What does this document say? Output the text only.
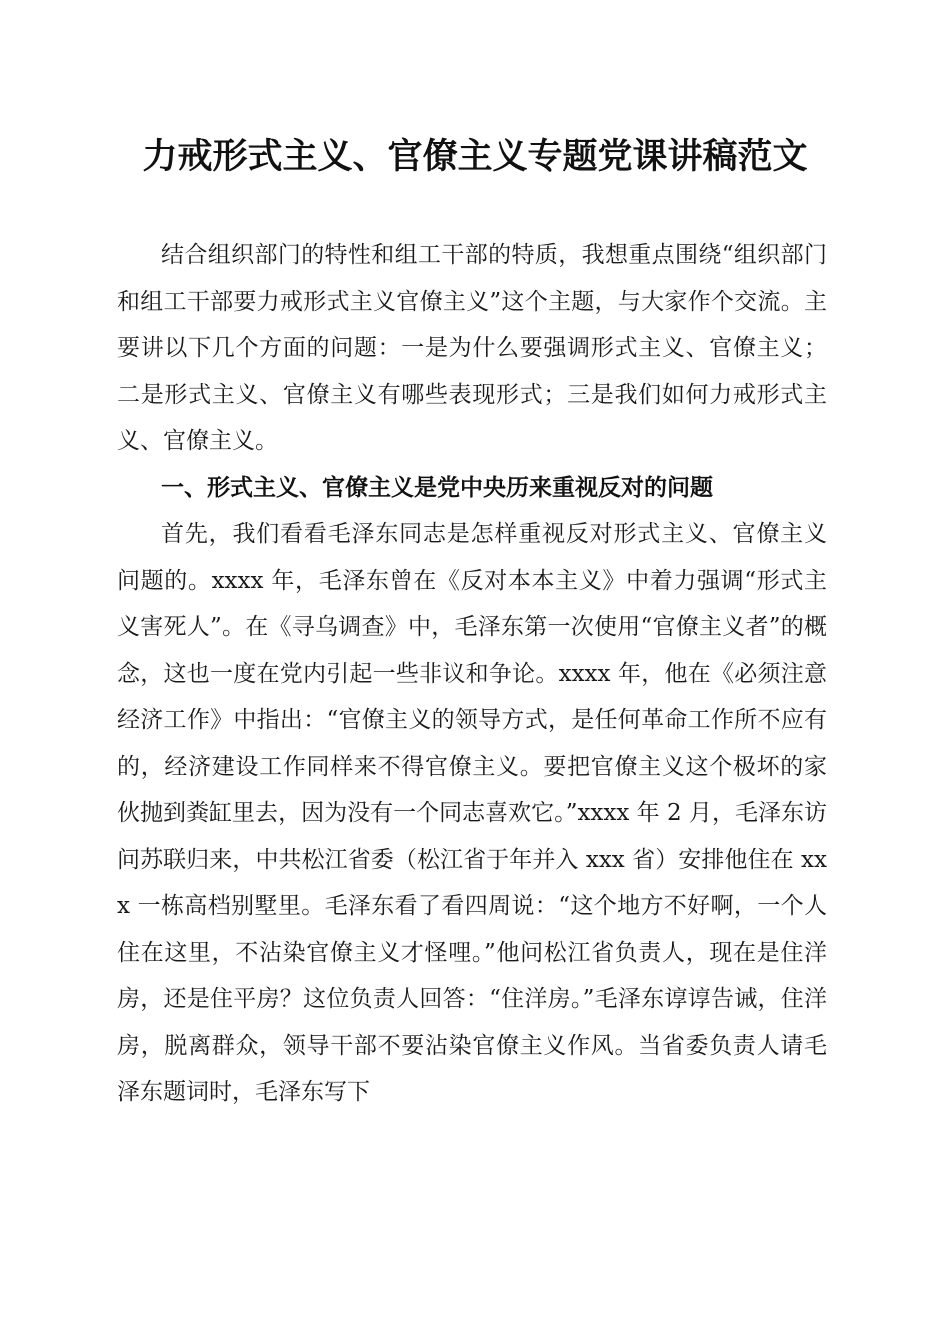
力戒形式主义、官僚主义专题党课讲稿范文

结合组织部门的特性和组工干部的特质，我想重点围绕“组织部门和组工干部要力戒形式主义官僚主义”这个主题，与大家作个交流。主要讲以下几个方面的问题：一是为什么要强调形式主义、官僚主义；二是形式主义、官僚主义有哪些表现形式；三是我们如何力戒形式主义、官僚主义。

一、形式主义、官僚主义是党中央历来重视反对的问题

首先，我们看看毛泽东同志是怎样重视反对形式主义、官僚主义问题的。xxxx 年，毛泽东曾在《反对本本主义》中着力强调“形式主义害死人”。在《寻乌调查》中，毛泽东第一次使用“官僚主义者”的概念，这也一度在党内引起一些非议和争论。xxxx 年，他在《必须注意经济工作》中指出：“官僚主义的领导方式，是任何革命工作所不应有的，经济建设工作同样来不得官僚主义。要把官僚主义这个极坏的家伙抛到粪缸里去，因为没有一个同志喜欢它。”xxxx 年 2 月，毛泽东访问苏联归来，中共松江省委（松江省于年并入 xxx 省）安排他住在 xxx 一栋高档别墅里。毛泽东看了看四周说：“这个地方不好啊，一个人住在这里，不沾染官僚主义才怪哩。”他问松江省负责人，现在是住洋房，还是住平房？这位负责人回答：“住洋房。”毛泽东谆谆告诫，住洋房，脱离群众，领导干部不要沾染官僚主义作风。当省委负责人请毛泽东题词时，毛泽东写下
